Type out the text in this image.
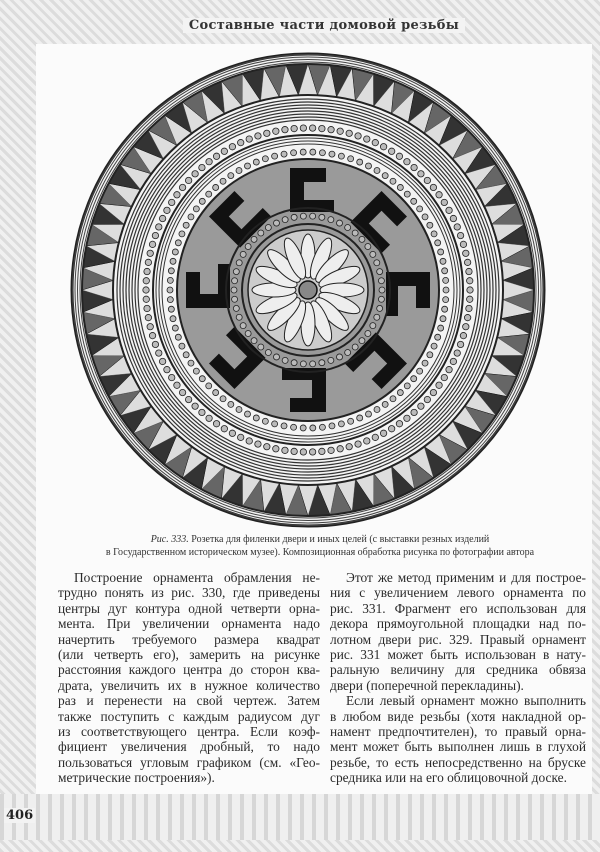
Составные части домовой резьбы
Рис. 333. Розетка для филенки двери и иных целей (с выставки резных изделий
в Государственном историческом музее). Композиционная обработка рисунка по фотографии автора
406
Построение орнамента обрамления не-
трудно понять из рис. 330, где приведены
центры дуг контура одной четверти орна-
мента. При увеличении орнамента надо
начертить требуемого размера квадрат
(или четверть его), замерить на рисунке
расстояния каждого центра до сторон ква-
драта, увеличить их в нужное количество
раз и перенести на свой чертеж. Затем
также поступить с каждым радиусом дуг
из соответствующего центра. Если коэф-
фициент увеличения дробный, то надо
пользоваться угловым графиком (см. «Гео-
метрические построения»).
Этот же метод применим и для построе-
ния с увеличением левого орнамента по
рис. 331. Фрагмент его использован для
декора прямоугольной площадки над по-
лотном двери рис. 329. Правый орнамент
рис. 331 может быть использован в нату-
ральную величину для средника обвяза
двери (поперечной перекладины).
Если левый орнамент можно выполнить
в любом виде резьбы (хотя накладной ор-
намент предпочтителен), то правый орна-
мент может быть выполнен лишь в глухой
резьбе, то есть непосредственно на бруске
средника или на его облицовочной доске.
